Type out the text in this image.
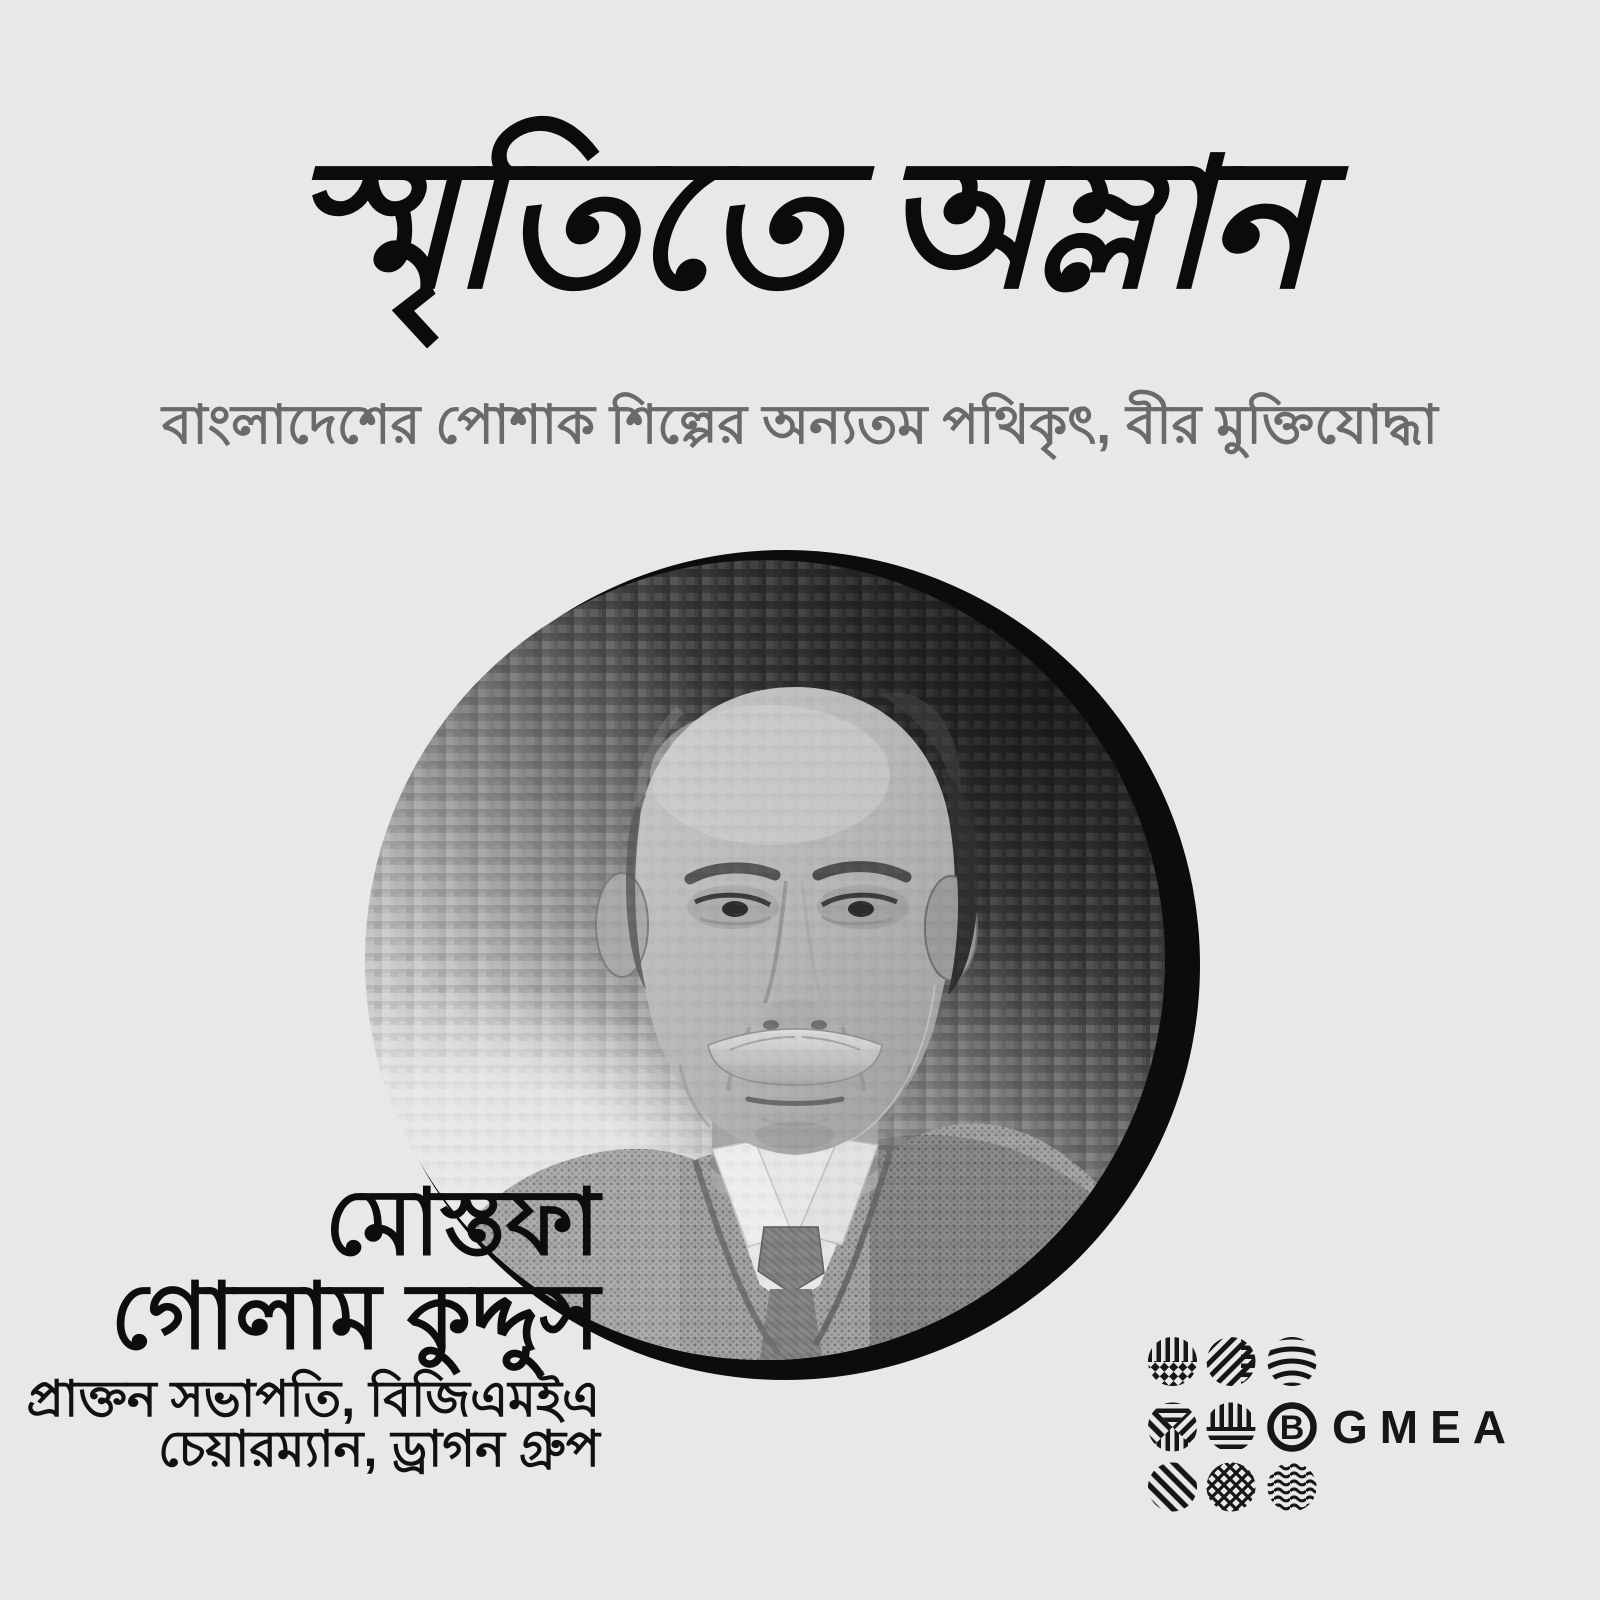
স্মৃতিতে অম্লান
বাংলাদেশের পোশাক শিল্পের অন্যতম পথিকৃৎ, বীর মুক্তিযোদ্ধা
মোস্তফা
গোলাম কুদ্দুস
প্রাক্তন সভাপতি, বিজিএমইএ
চেয়ারম্যান, ড্রাগন গ্রুপ	B GMEA
